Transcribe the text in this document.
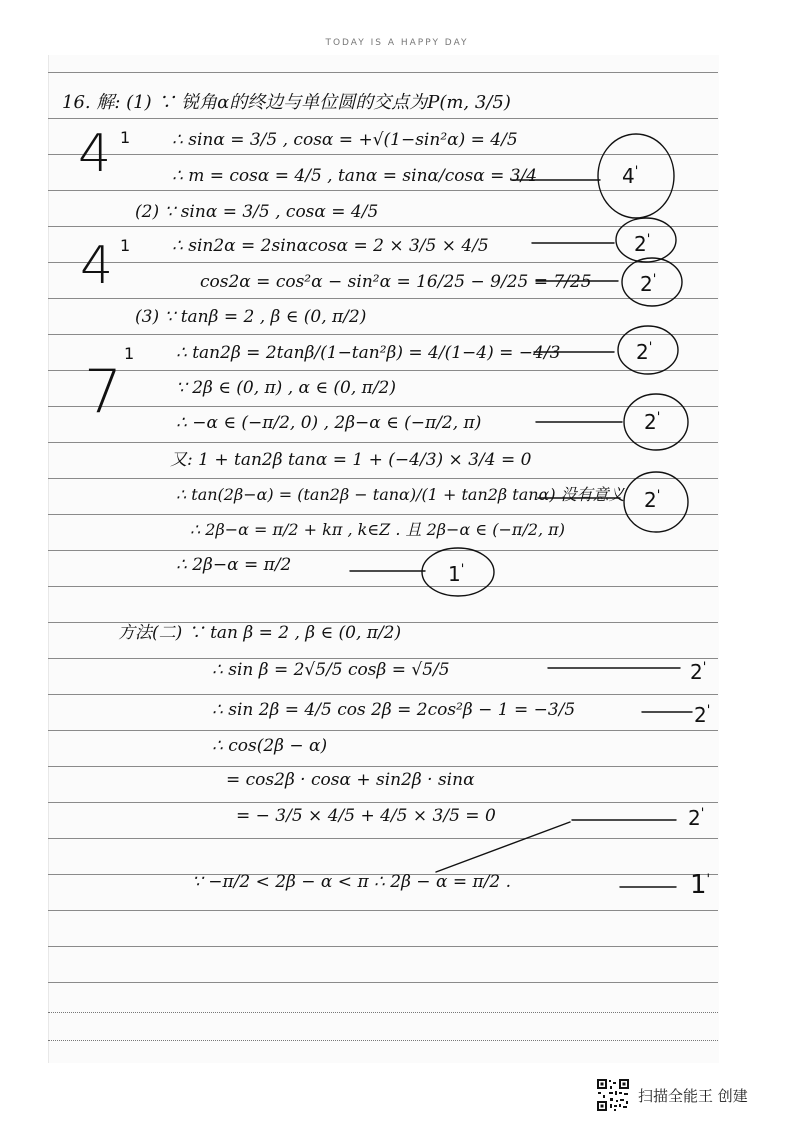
TODAY IS A HAPPY DAY
16. 解: (1) ∵ 锐角α的终边与单位圆的交点为P(m, 3/5)
∴ sinα = 3/5 , cosα = +√(1−sin²α) = 4/5
∴ m = cosα = 4/5 , tanα = sinα/cosα = 3/4
(2) ∵ sinα = 3/5 , cosα = 4/5
∴ sin2α = 2sinαcosα = 2 × 3/5 × 4/5
cos2α = cos²α − sin²α = 16/25 − 9/25 = 7/25
(3) ∵ tanβ = 2 , β ∈ (0, π/2)
∴ tan2β = 2tanβ/(1−tan²β) = 4/(1−4) = −4/3
∵ 2β ∈ (0, π) , α ∈ (0, π/2)
∴ −α ∈ (−π/2, 0) , 2β−α ∈ (−π/2, π)
又: 1 + tan2β tanα = 1 + (−4/3) × 3/4 = 0
∴ tan(2β−α) = (tan2β − tanα)/(1 + tan2β tanα) 没有意义
∴ 2β−α = π/2 + kπ , k∈Z . 且 2β−α ∈ (−π/2, π)
∴ 2β−α = π/2
方法(二) ∵ tan β = 2 , β ∈ (0, π/2)
∴ sin β = 2√5/5 cosβ = √5/5
∴ sin 2β = 4/5 cos 2β = 2cos²β − 1 = −3/5
∴ cos(2β − α)
= cos2β · cosα + sin2β · sinα
= − 3/5 × 4/5 + 4/5 × 3/5 = 0
∵ −π/2 < 2β − α < π ∴ 2β − α = π/2 .
4 1
4 1
7
1
4'
2'
2'
2'
2'
2'
1'
2'
2'
2'
1'
扫描全能王 创建
